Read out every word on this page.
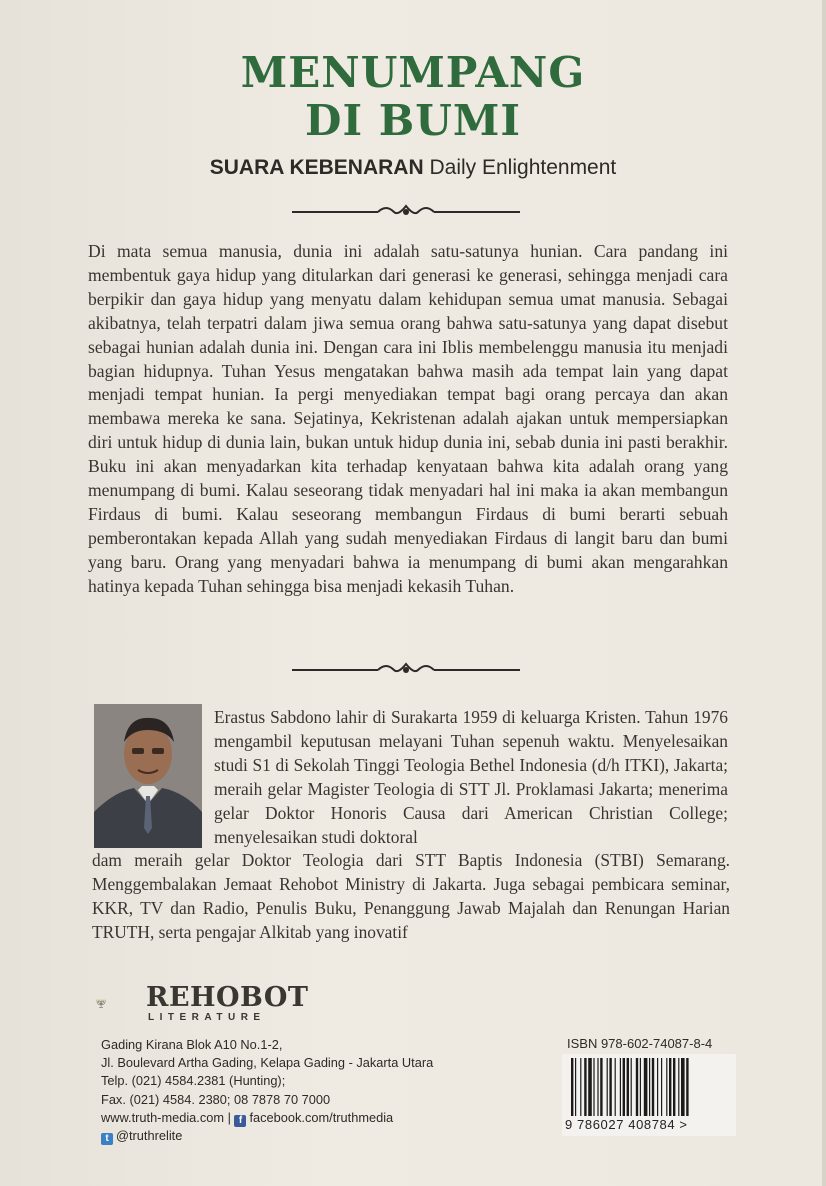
MENUMPANG
DI BUMI
SUARA KEBENARAN Daily Enlightenment

Di mata semua manusia, dunia ini adalah satu-satunya hunian. Cara pandang ini membentuk gaya hidup yang ditularkan dari generasi ke generasi, sehingga menjadi cara berpikir dan gaya hidup yang menyatu dalam kehidupan semua umat manusia. Sebagai akibatnya, telah terpatri dalam jiwa semua orang bahwa satu-satunya yang dapat disebut sebagai hunian adalah dunia ini. Dengan cara ini Iblis membelenggu manusia itu menjadi bagian hidupnya. Tuhan Yesus mengatakan bahwa masih ada tempat lain yang dapat menjadi tempat hunian. Ia pergi menyediakan tempat bagi orang percaya dan akan membawa mereka ke sana. Sejatinya, Kekristenan adalah ajakan untuk mempersiapkan diri untuk hidup di dunia lain, bukan untuk hidup dunia ini, sebab dunia ini pasti berakhir. Buku ini akan menyadarkan kita terhadap kenyataan bahwa kita adalah orang yang menumpang di bumi. Kalau seseorang tidak menyadari hal ini maka ia akan membangun Firdaus di bumi. Kalau seseorang membangun Firdaus di bumi berarti sebuah pemberontakan kepada Allah yang sudah menyediakan Firdaus di langit baru dan bumi yang baru. Orang yang menyadari bahwa ia menumpang di bumi akan mengarahkan hatinya kepada Tuhan sehingga bisa menjadi kekasih Tuhan.

Erastus Sabdono lahir di Surakarta 1959 di keluarga Kristen. Tahun 1976 mengambil keputusan melayani Tuhan sepenuh waktu. Menyelesaikan studi S1 di Sekolah Tinggi Teologia Bethel Indonesia (d/h ITKI), Jakarta; meraih gelar Magister Teologia di STT Jl. Proklamasi Jakarta; menerima gelar Doktor Honoris Causa dari American Christian College; menyelesaikan studi doktoral
dam meraih gelar Doktor Teologia dari STT Baptis Indonesia (STBI) Semarang. Menggembalakan Jemaat Rehobot Ministry di Jakarta. Juga sebagai pembicara seminar, KKR, TV dan Radio, Penulis Buku, Penanggung Jawab Majalah dan Renungan Harian TRUTH, serta pengajar Alkitab yang inovatif
REHOBOT
LITERATURE
Gading Kirana Blok A10 No.1-2,
Jl. Boulevard Artha Gading, Kelapa Gading - Jakarta Utara
Telp. (021) 4584.2381 (Hunting);
Fax. (021) 4584. 2380; 08 7878 70 7000
www.truth-media.com | f facebook.com/truthmedia
t @truthrelite
ISBN 978-602-74087-8-4
9 786027 408784 >
